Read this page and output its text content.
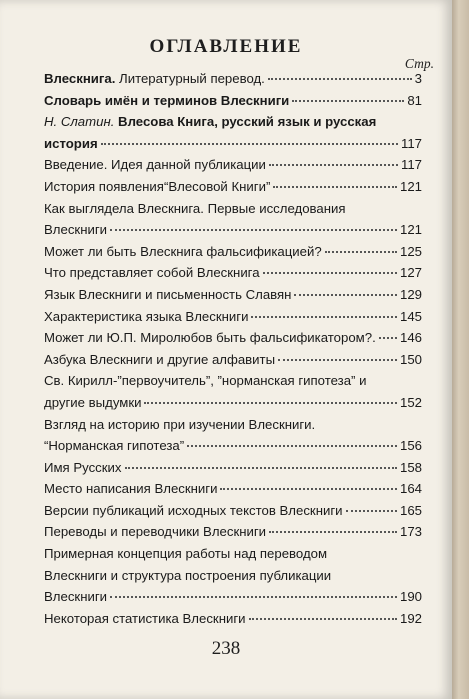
ОГЛАВЛЕНИЕ
Стр.
Влескнига. Литературный перевод.	3
Словарь имён и терминов Влескниги	81
Н. Слатин. Влесова Книга, русский язык и русская
история	117
Введение. Идея данной публикации	117
История появления“Влесовой Книги”	121
Как выглядела Влескнига. Первые исследования
Влескниги	121
Может ли быть Влескнига фальсификацией?	125
Что представляет собой Влескнига	127
Язык Влескниги и письменность Славян	129
Характеристика языка Влескниги	145
Может ли Ю.П. Миролюбов быть фальсификатором?. 146
Азбука Влескниги и другие алфавиты	150
Св. Кирилл-”первоучитель”, ”норманская гипотеза” и
другие выдумки	152
Взгляд на историю при изучении Влескниги.
“Норманская гипотеза”	156
Имя Русских	158
Место написания Влескниги	164
Версии публикаций исходных текстов Влескниги	165
Переводы и переводчики Влескниги	173
Примерная концепция работы над переводом
Влескниги и структура построения публикации
Влескниги	190
Некоторая статистика Влескниги	192
238
